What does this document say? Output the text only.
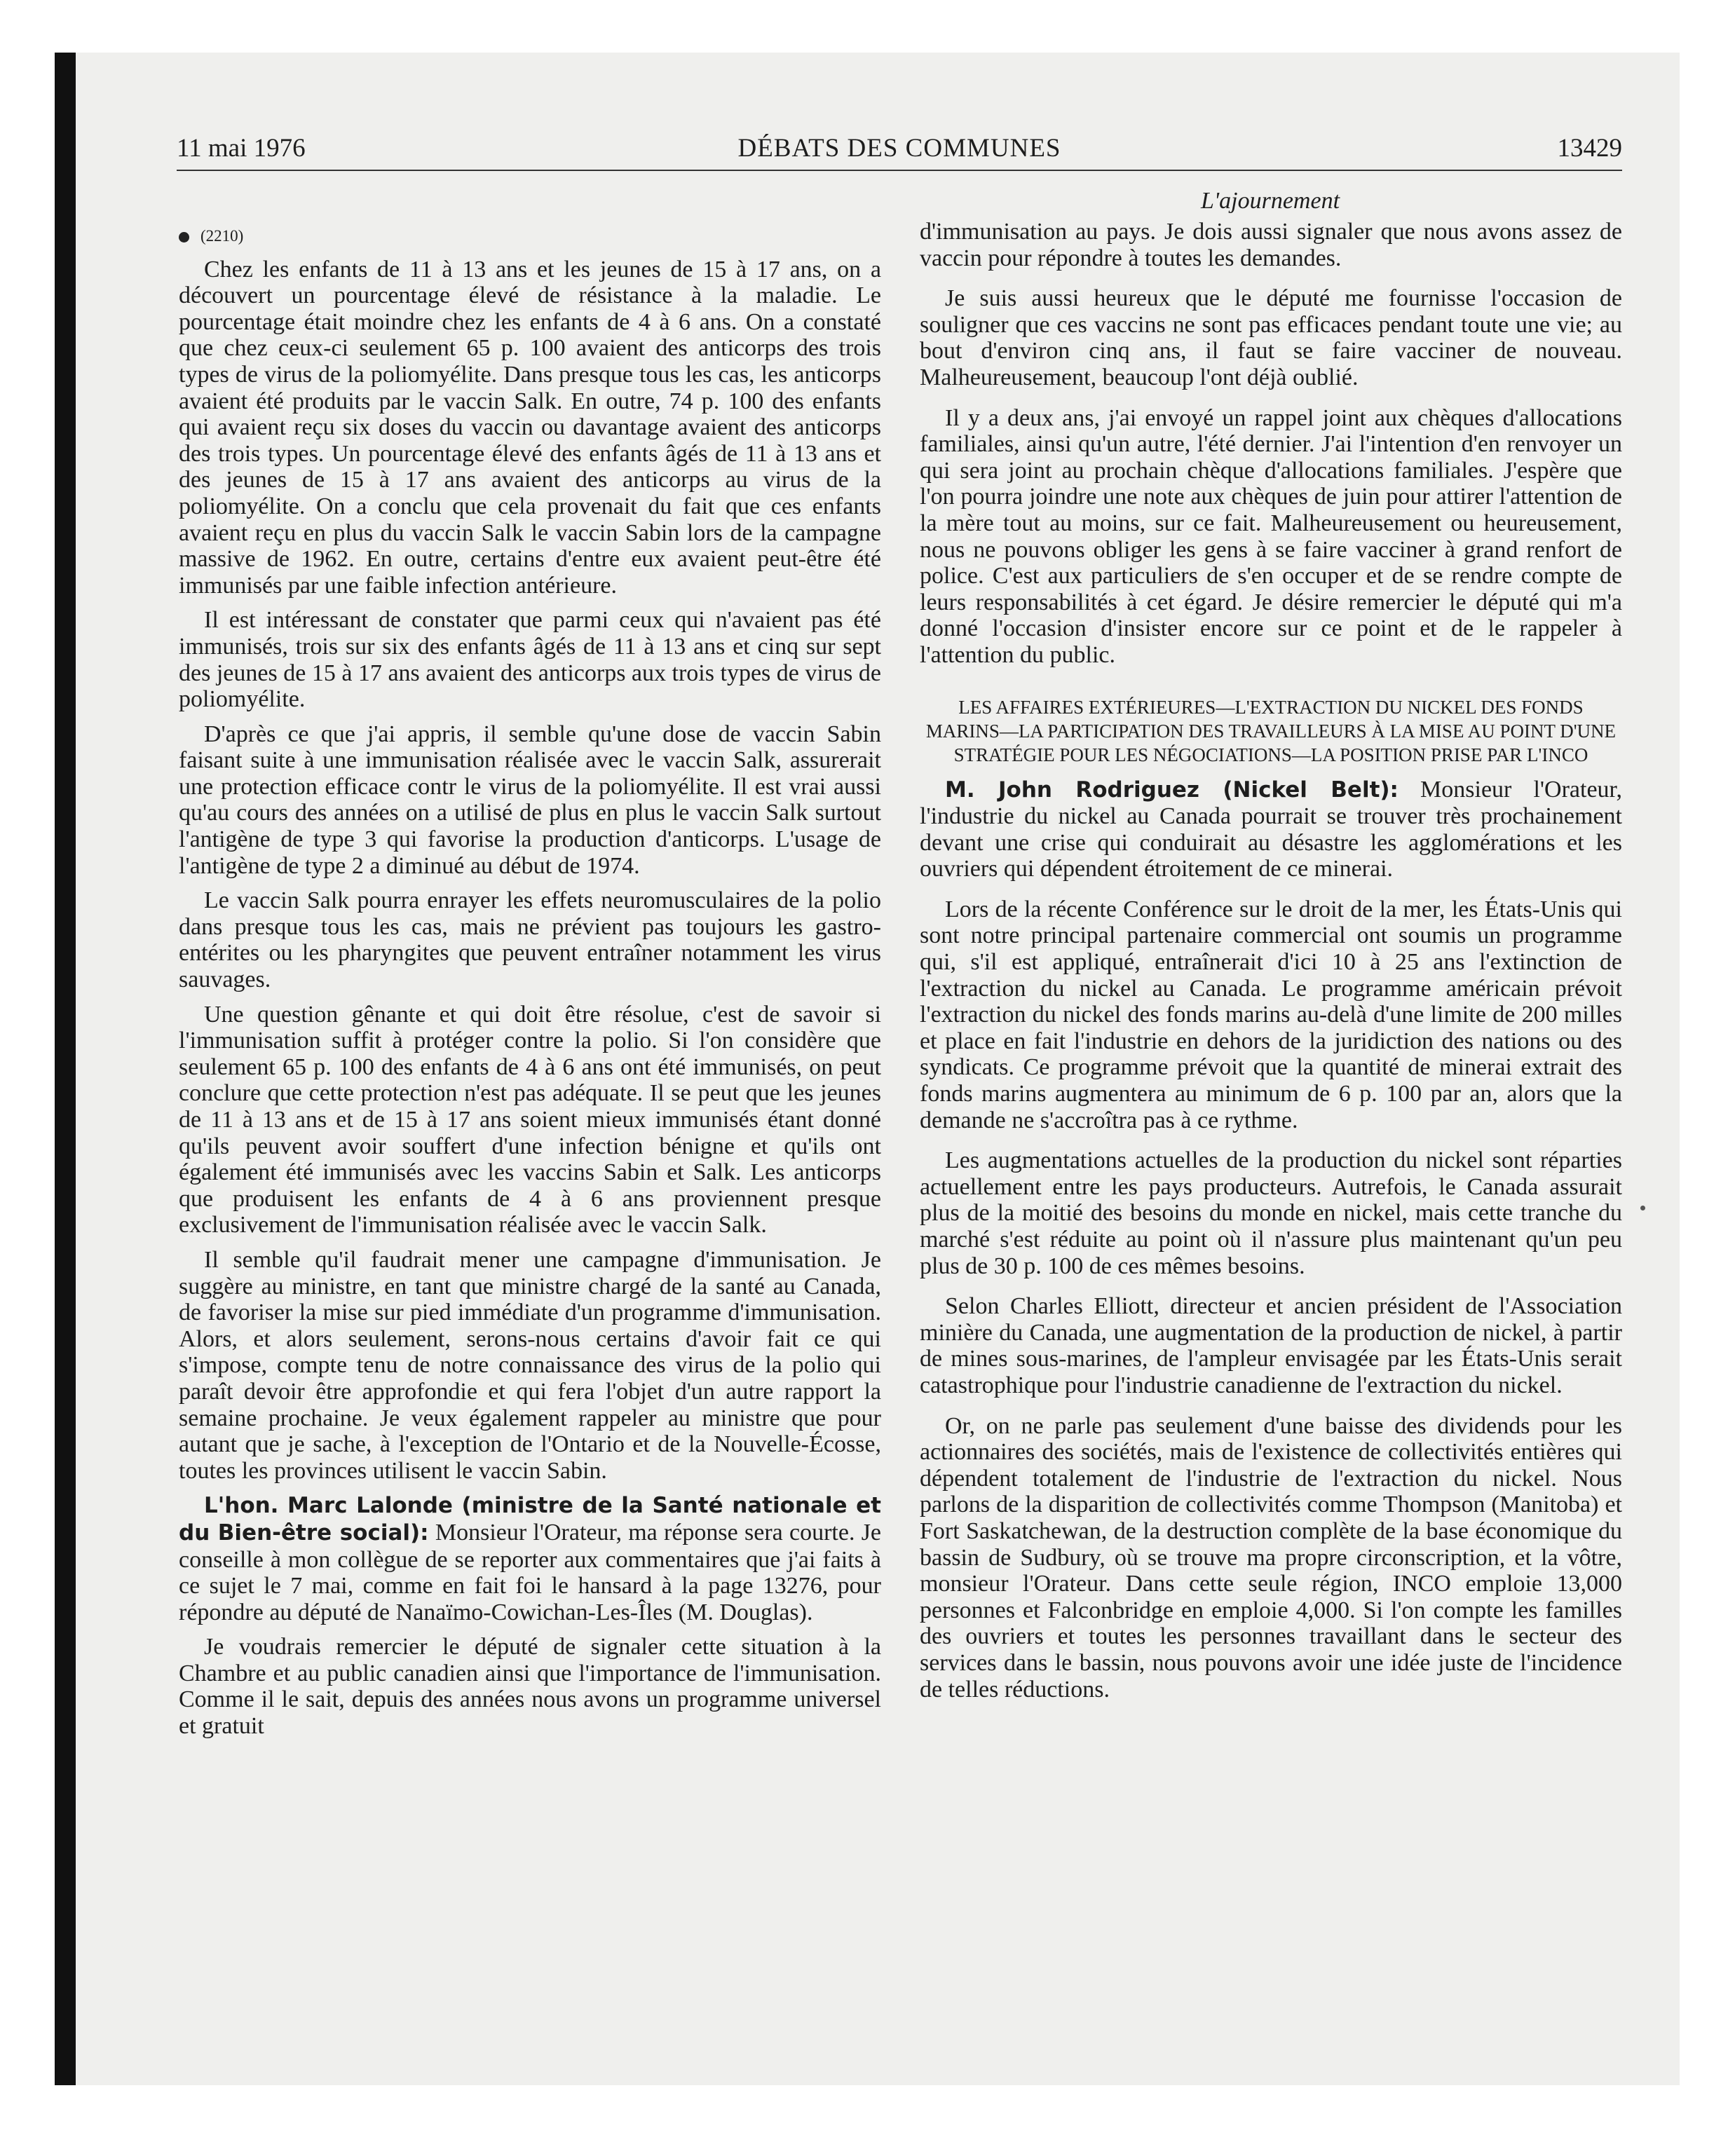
11 mai 1976	DÉBATS DES COMMUNES	13429
L'ajournement
(2210)

Chez les enfants de 11 à 13 ans et les jeunes de 15 à 17 ans, on a découvert un pourcentage élevé de résistance à la maladie. Le pourcentage était moindre chez les enfants de 4 à 6 ans. On a constaté que chez ceux-ci seulement 65 p. 100 avaient des anticorps des trois types de virus de la poliomyélite. Dans presque tous les cas, les anticorps avaient été produits par le vaccin Salk. En outre, 74 p. 100 des enfants qui avaient reçu six doses du vaccin ou davantage avaient des anticorps des trois types. Un pourcentage élevé des enfants âgés de 11 à 13 ans et des jeunes de 15 à 17 ans avaient des anticorps au virus de la poliomyélite. On a conclu que cela provenait du fait que ces enfants avaient reçu en plus du vaccin Salk le vaccin Sabin lors de la campagne massive de 1962. En outre, certains d'entre eux avaient peut-être été immunisés par une faible infection antérieure.

Il est intéressant de constater que parmi ceux qui n'avaient pas été immunisés, trois sur six des enfants âgés de 11 à 13 ans et cinq sur sept des jeunes de 15 à 17 ans avaient des anticorps aux trois types de virus de poliomyélite.

D'après ce que j'ai appris, il semble qu'une dose de vaccin Sabin faisant suite à une immunisation réalisée avec le vaccin Salk, assurerait une protection efficace contr le virus de la poliomyélite. Il est vrai aussi qu'au cours des années on a utilisé de plus en plus le vaccin Salk surtout l'antigène de type 3 qui favorise la production d'anticorps. L'usage de l'antigène de type 2 a diminué au début de 1974.

Le vaccin Salk pourra enrayer les effets neuromusculaires de la polio dans presque tous les cas, mais ne prévient pas toujours les gastro-entérites ou les pharyngites que peuvent entraîner notamment les virus sauvages.

Une question gênante et qui doit être résolue, c'est de savoir si l'immunisation suffit à protéger contre la polio. Si l'on considère que seulement 65 p. 100 des enfants de 4 à 6 ans ont été immunisés, on peut conclure que cette protection n'est pas adéquate. Il se peut que les jeunes de 11 à 13 ans et de 15 à 17 ans soient mieux immunisés étant donné qu'ils peuvent avoir souffert d'une infection bénigne et qu'ils ont également été immunisés avec les vaccins Sabin et Salk. Les anticorps que produisent les enfants de 4 à 6 ans proviennent presque exclusivement de l'immunisation réalisée avec le vaccin Salk.

Il semble qu'il faudrait mener une campagne d'immunisation. Je suggère au ministre, en tant que ministre chargé de la santé au Canada, de favoriser la mise sur pied immédiate d'un programme d'immunisation. Alors, et alors seulement, serons-nous certains d'avoir fait ce qui s'impose, compte tenu de notre connaissance des virus de la polio qui paraît devoir être approfondie et qui fera l'objet d'un autre rapport la semaine prochaine. Je veux également rappeler au ministre que pour autant que je sache, à l'exception de l'Ontario et de la Nouvelle-Écosse, toutes les provinces utilisent le vaccin Sabin.

L'hon. Marc Lalonde (ministre de la Santé nationale et du Bien-être social): Monsieur l'Orateur, ma réponse sera courte. Je conseille à mon collègue de se reporter aux commentaires que j'ai faits à ce sujet le 7 mai, comme en fait foi le hansard à la page 13276, pour répondre au député de Nanaïmo-Cowichan-Les-Îles (M. Douglas).

Je voudrais remercier le député de signaler cette situation à la Chambre et au public canadien ainsi que l'importance de l'immunisation. Comme il le sait, depuis des années nous avons un programme universel et gratuit

d'immunisation au pays. Je dois aussi signaler que nous avons assez de vaccin pour répondre à toutes les demandes.

Je suis aussi heureux que le député me fournisse l'occasion de souligner que ces vaccins ne sont pas efficaces pendant toute une vie; au bout d'environ cinq ans, il faut se faire vacciner de nouveau. Malheureusement, beaucoup l'ont déjà oublié.

Il y a deux ans, j'ai envoyé un rappel joint aux chèques d'allocations familiales, ainsi qu'un autre, l'été dernier. J'ai l'intention d'en renvoyer un qui sera joint au prochain chèque d'allocations familiales. J'espère que l'on pourra joindre une note aux chèques de juin pour attirer l'attention de la mère tout au moins, sur ce fait. Malheureusement ou heureusement, nous ne pouvons obliger les gens à se faire vacciner à grand renfort de police. C'est aux particuliers de s'en occuper et de se rendre compte de leurs responsabilités à cet égard. Je désire remercier le député qui m'a donné l'occasion d'insister encore sur ce point et de le rappeler à l'attention du public.

LES AFFAIRES EXTÉRIEURES—L'EXTRACTION DU NICKEL DES FONDS MARINS—LA PARTICIPATION DES TRAVAILLEURS À LA MISE AU POINT D'UNE STRATÉGIE POUR LES NÉGOCIATIONS—LA POSITION PRISE PAR L'INCO

M. John Rodriguez (Nickel Belt): Monsieur l'Orateur, l'industrie du nickel au Canada pourrait se trouver très prochainement devant une crise qui conduirait au désastre les agglomérations et les ouvriers qui dépendent étroitement de ce minerai.

Lors de la récente Conférence sur le droit de la mer, les États-Unis qui sont notre principal partenaire commercial ont soumis un programme qui, s'il est appliqué, entraînerait d'ici 10 à 25 ans l'extinction de l'extraction du nickel au Canada. Le programme américain prévoit l'extraction du nickel des fonds marins au-delà d'une limite de 200 milles et place en fait l'industrie en dehors de la juridiction des nations ou des syndicats. Ce programme prévoit que la quantité de minerai extrait des fonds marins augmentera au minimum de 6 p. 100 par an, alors que la demande ne s'accroîtra pas à ce rythme.

Les augmentations actuelles de la production du nickel sont réparties actuellement entre les pays producteurs. Autrefois, le Canada assurait plus de la moitié des besoins du monde en nickel, mais cette tranche du marché s'est réduite au point où il n'assure plus maintenant qu'un peu plus de 30 p. 100 de ces mêmes besoins.

Selon Charles Elliott, directeur et ancien président de l'Association minière du Canada, une augmentation de la production de nickel, à partir de mines sous-marines, de l'ampleur envisagée par les États-Unis serait catastrophique pour l'industrie canadienne de l'extraction du nickel.

Or, on ne parle pas seulement d'une baisse des dividends pour les actionnaires des sociétés, mais de l'existence de collectivités entières qui dépendent totalement de l'industrie de l'extraction du nickel. Nous parlons de la disparition de collectivités comme Thompson (Manitoba) et Fort Saskatchewan, de la destruction complète de la base économique du bassin de Sudbury, où se trouve ma propre circonscription, et la vôtre, monsieur l'Orateur. Dans cette seule région, INCO emploie 13,000 personnes et Falconbridge en emploie 4,000. Si l'on compte les familles des ouvriers et toutes les personnes travaillant dans le secteur des services dans le bassin, nous pouvons avoir une idée juste de l'incidence de telles réductions.
